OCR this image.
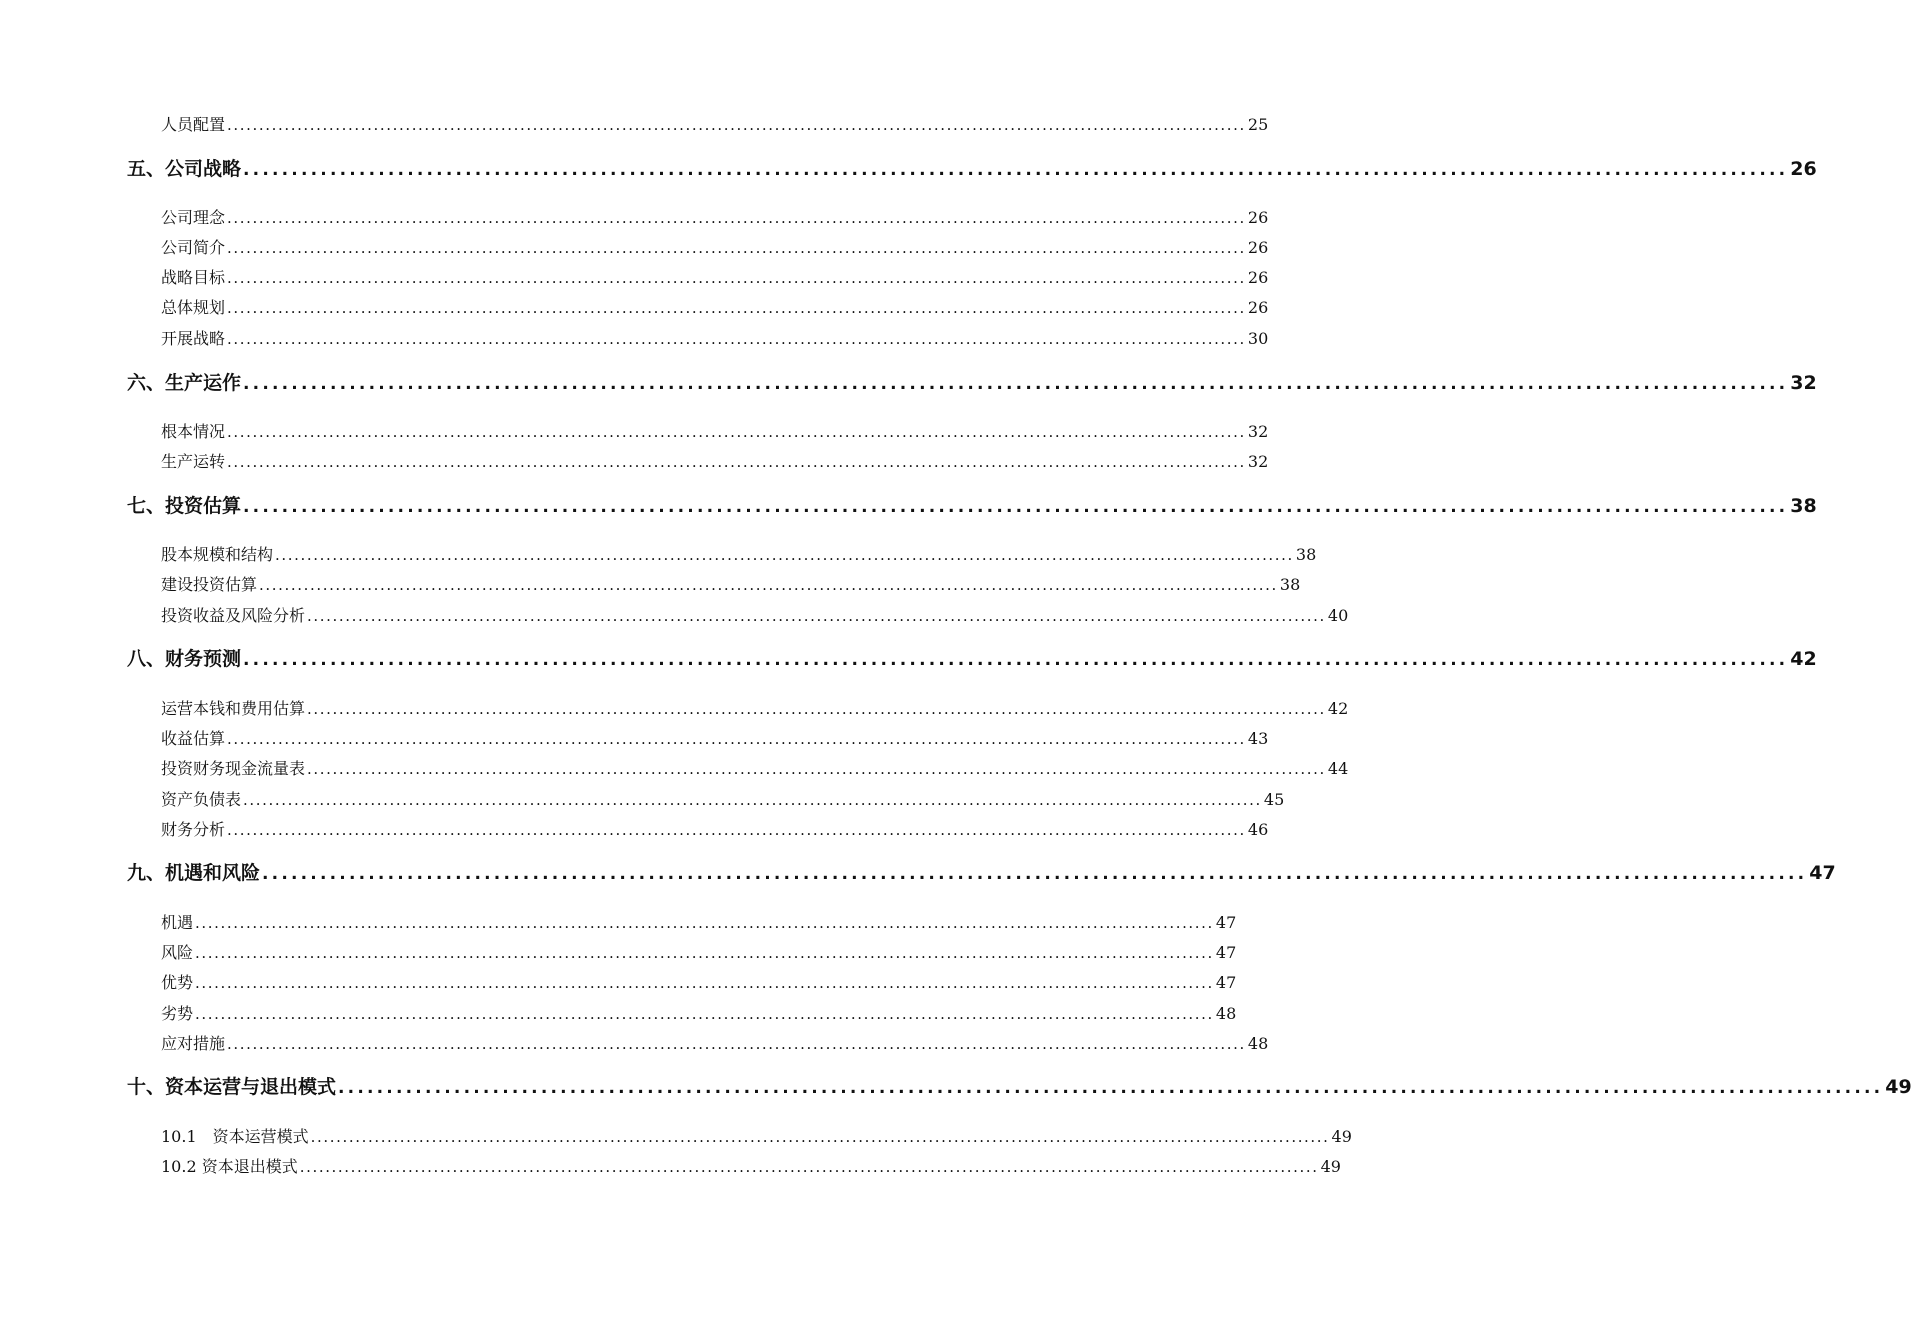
人员配置 ................................................................................................................................................................ 25
五、公司战略 ................................................................................................................................................................ 26
公司理念 ................................................................................................................................................................ 26
公司简介 ................................................................................................................................................................ 26
战略目标 ................................................................................................................................................................ 26
总体规划 ................................................................................................................................................................ 26
开展战略 ................................................................................................................................................................ 30
六、生产运作 ................................................................................................................................................................ 32
根本情况 ................................................................................................................................................................ 32
生产运转 ................................................................................................................................................................ 32
七、投资估算 ................................................................................................................................................................ 38
股本规模和结构 ................................................................................................................................................................ 38
建设投资估算 ................................................................................................................................................................ 38
投资收益及风险分析 ................................................................................................................................................................ 40
八、财务预测 ................................................................................................................................................................ 42
运营本钱和费用估算 ................................................................................................................................................................ 42
收益估算 ................................................................................................................................................................ 43
投资财务现金流量表 ................................................................................................................................................................ 44
资产负债表 ................................................................................................................................................................ 45
财务分析 ................................................................................................................................................................ 46
九、机遇和风险 ................................................................................................................................................................ 47
机遇 ................................................................................................................................................................ 47
风险 ................................................................................................................................................................ 47
优势 ................................................................................................................................................................ 47
劣势 ................................................................................................................................................................ 48
应对措施 ................................................................................................................................................................ 48
十、资本运营与退出模式 ................................................................................................................................................................ 49
10.1　资本运营模式 ................................................................................................................................................................ 49
10.2 资本退出模式 ................................................................................................................................................................ 49
